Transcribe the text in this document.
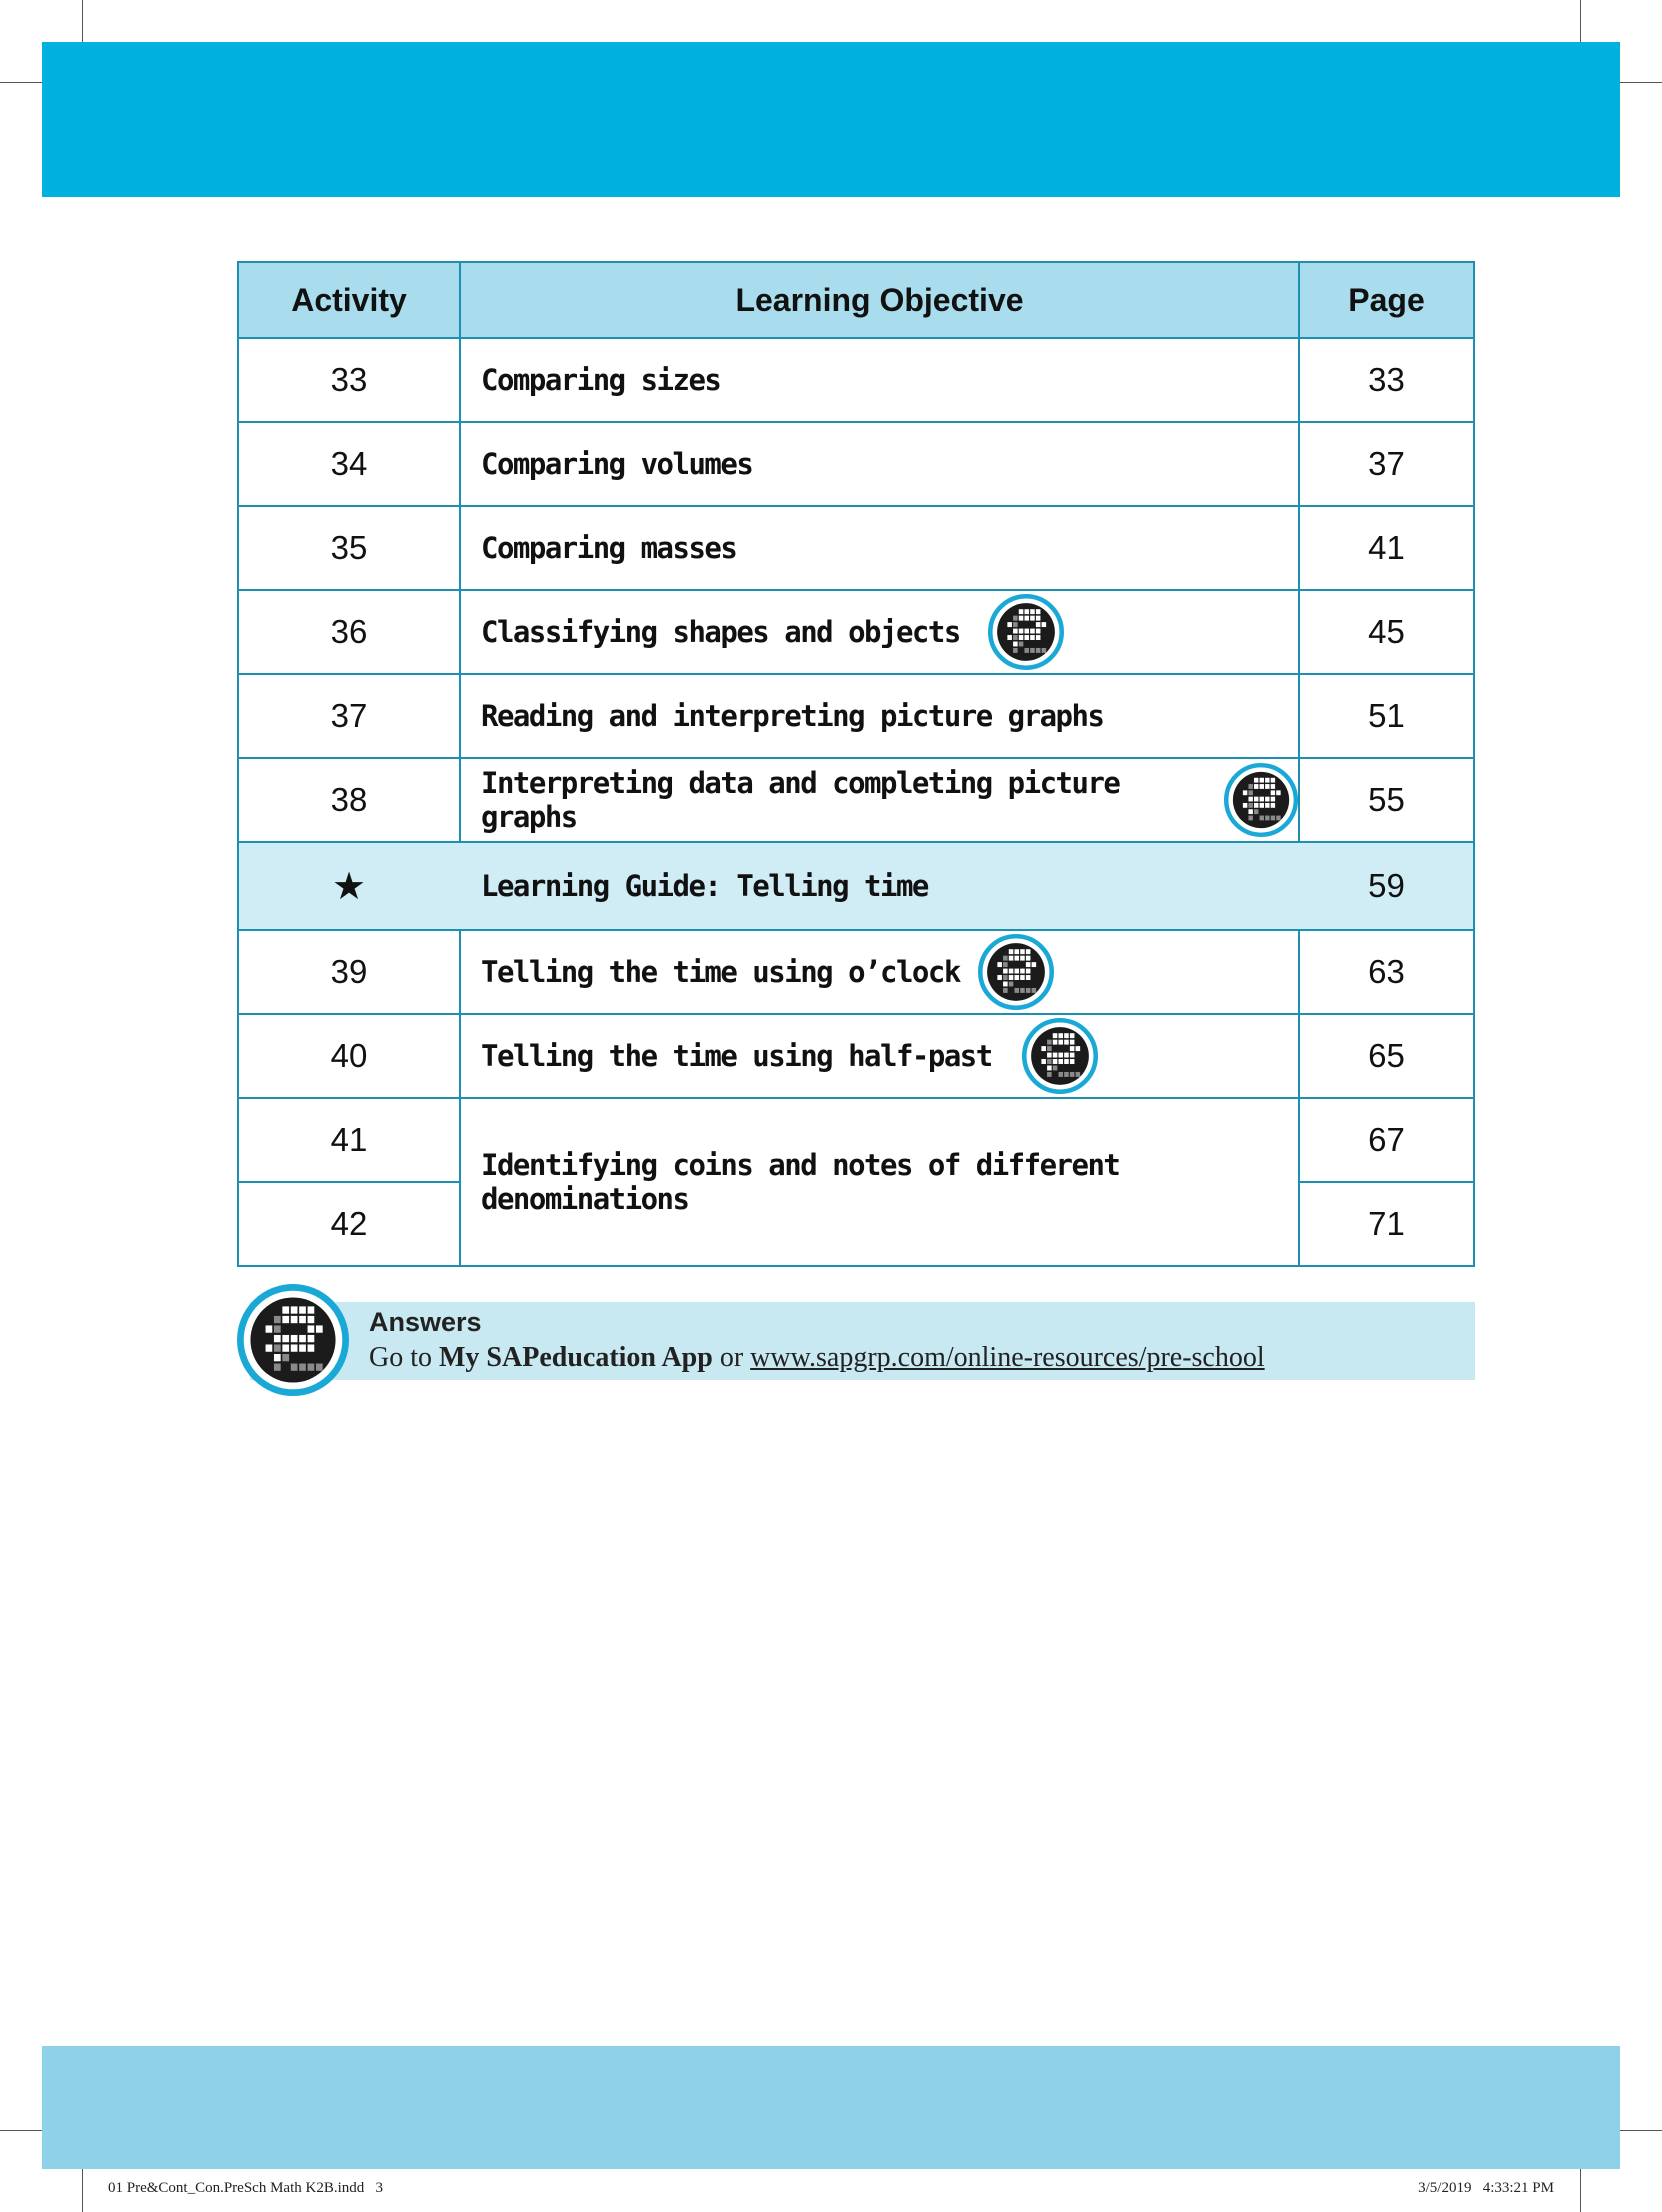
Activity	Learning Objective	Page
33	Comparing sizes	33
34	Comparing volumes	37
35	Comparing masses	41
36	Classifying shapes and objects	45
37	Reading and interpreting picture graphs	51
38	Interpreting data and completing picture graphs	55
★	Learning Guide: Telling time	59
39	Telling the time using o’clock	63
40	Telling the time using half-past	65
41	Identifying coins and notes of different denominations	67
42		71
Answers
Go to My SAPeducation App or www.sapgrp.com/online-resources/pre-school
01 Pre&Cont_Con.PreSch Math K2B.indd   3	3/5/2019   4:33:21 PM
